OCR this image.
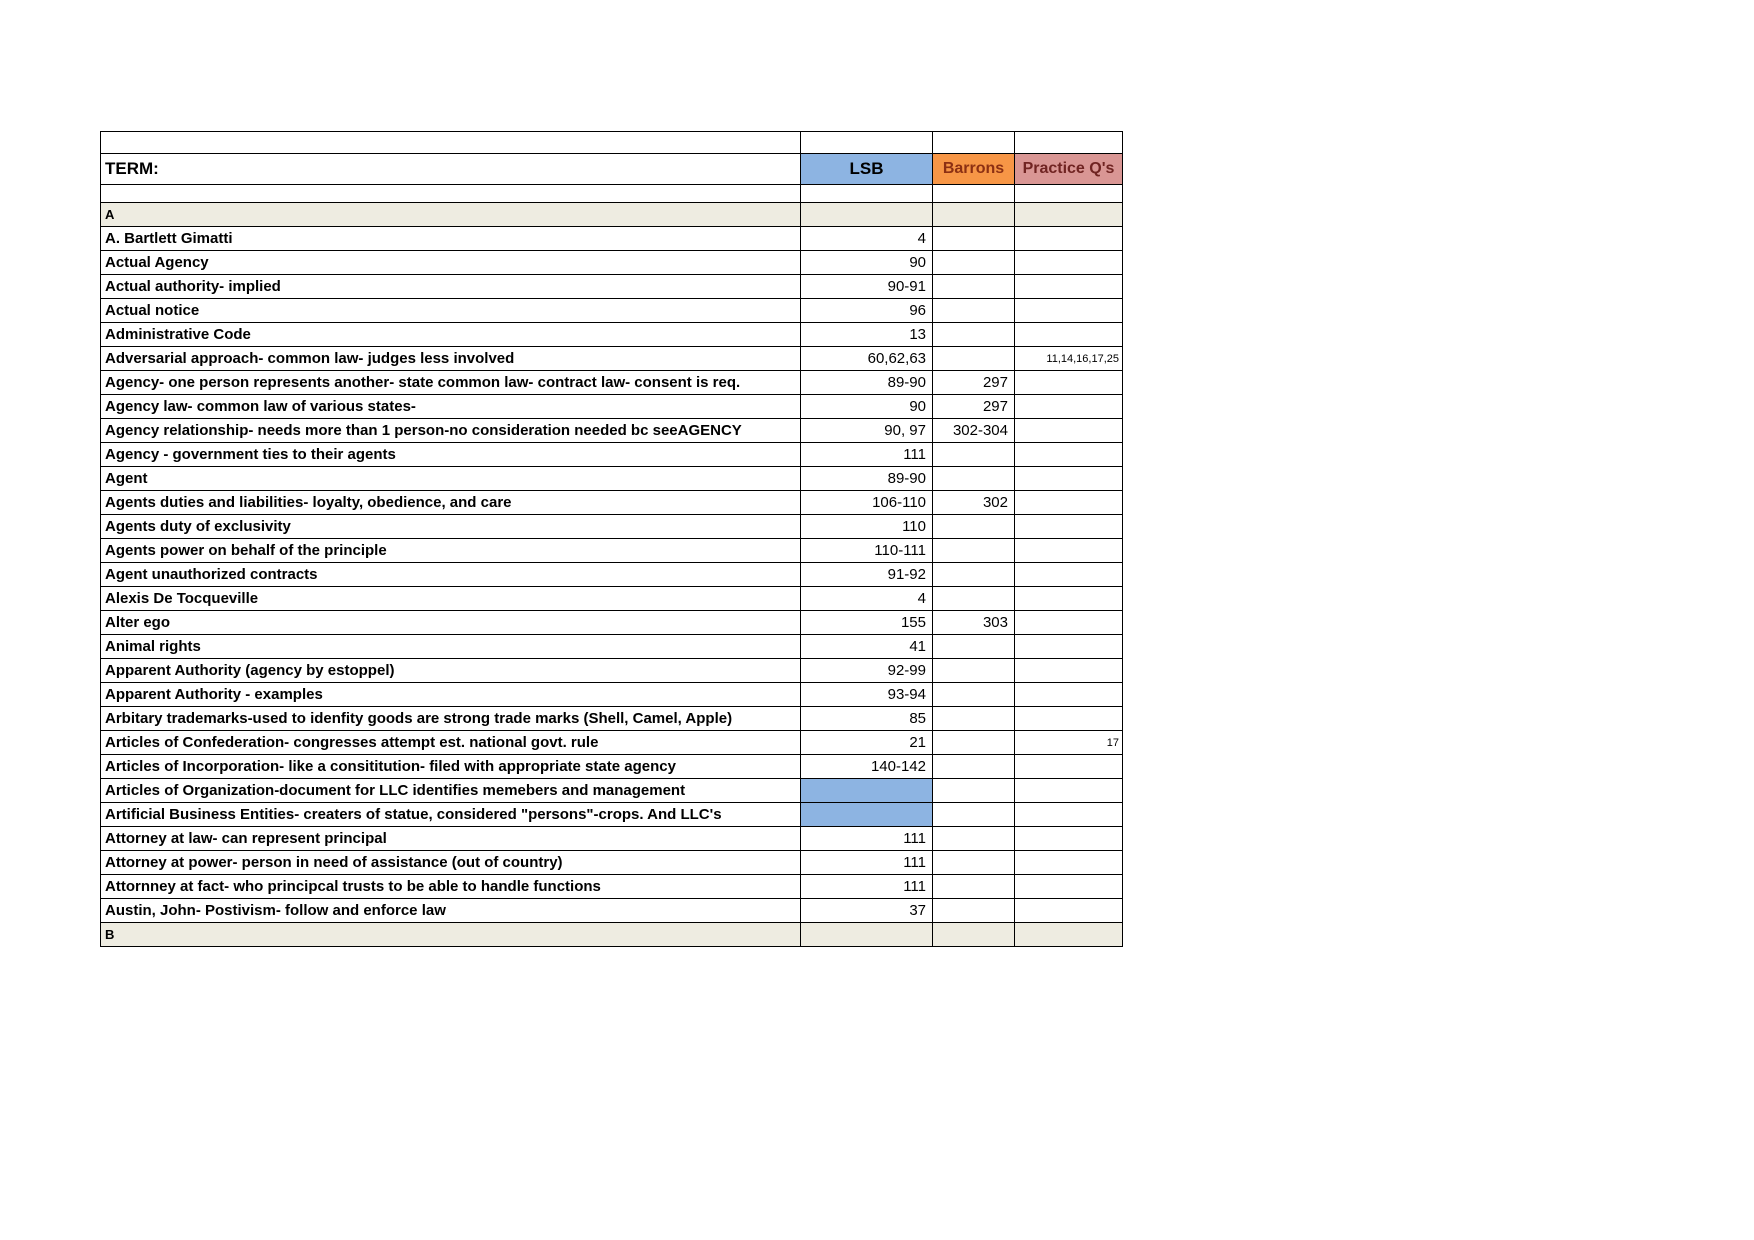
TERM:	LSB	Barrons	Practice Q's

A			
A. Bartlett Gimatti	4		
Actual Agency	90		
Actual authority- implied	90-91		
Actual notice	96		
Administrative Code	13		
Adversarial approach- common law- judges less involved	60,62,63		11,14,16,17,25
Agency- one person represents another- state common law- contract law- consent is req.	89-90	297	
Agency law- common law of various states-	90	297	
Agency relationship- needs more than 1 person-no consideration needed bc seeAGENCY	90, 97	302-304	
Agency - government ties to their agents	111		
Agent	89-90		
Agents duties and liabilities- loyalty, obedience, and care	106-110	302	
Agents duty of exclusivity	110		
Agents power on behalf of the principle	110-111		
Agent unauthorized contracts	91-92		
Alexis De Tocqueville	4		
Alter ego	155	303	
Animal rights	41		
Apparent Authority (agency by estoppel)	92-99		
Apparent Authority - examples	93-94		
Arbitary trademarks-used to idenfity goods are strong trade marks (Shell, Camel, Apple)	85		
Articles of Confederation- congresses attempt est. national govt. rule	21		17
Articles of Incorporation- like a consititution- filed with appropriate state agency	140-142		
Articles of Organization-document for LLC identifies memebers and management			
Artificial Business Entities- creaters of statue, considered "persons"-crops. And LLC's			
Attorney at law- can represent principal	111		
Attorney at power- person in need of assistance (out of country)	111		
Attornney at fact- who principcal trusts to be able to handle functions	111		
Austin, John- Postivism- follow and enforce law	37		
B			
